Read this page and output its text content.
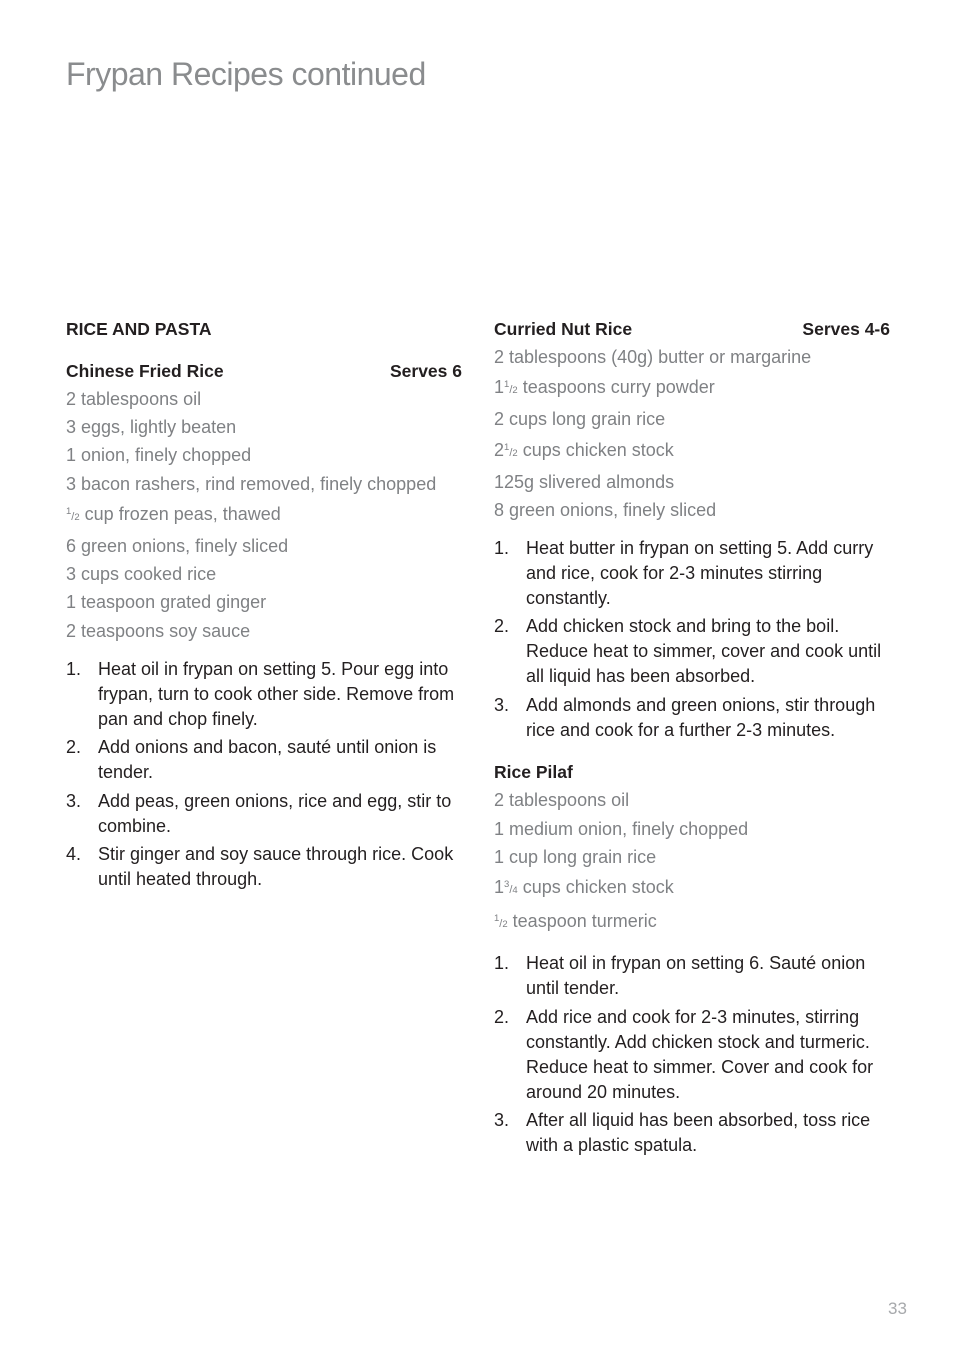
Frypan Recipes continued
RICE AND PASTA
Chinese Fried Rice	Serves 6
2 tablespoons oil
3 eggs, lightly beaten
1 onion, finely chopped
3 bacon rashers, rind removed, finely chopped
1/2 cup frozen peas, thawed
6 green onions, finely sliced
3 cups cooked rice
1 teaspoon grated ginger
2 teaspoons soy sauce
1. Heat oil in frypan on setting 5. Pour egg into frypan, turn to cook other side. Remove from pan and chop finely.
2. Add onions and bacon, sauté until onion is tender.
3. Add peas, green onions, rice and egg, stir to combine.
4. Stir ginger and soy sauce through rice. Cook until heated through.
Curried Nut Rice	Serves 4-6
2 tablespoons (40g) butter or margarine
11/2 teaspoons curry powder
2 cups long grain rice
21/2 cups chicken stock
125g slivered almonds
8 green onions, finely sliced
1. Heat butter in frypan on setting 5. Add curry and rice, cook for 2-3 minutes stirring constantly.
2. Add chicken stock and bring to the boil. Reduce heat to simmer, cover and cook until all liquid has been absorbed.
3. Add almonds and green onions, stir through rice and cook for a further 2-3 minutes.
Rice Pilaf
2 tablespoons oil
1 medium onion, finely chopped
1 cup long grain rice
13/4 cups chicken stock
1/2 teaspoon turmeric
1. Heat oil in frypan on setting 6. Sauté onion until tender.
2. Add rice and cook for 2-3 minutes, stirring constantly. Add chicken stock and turmeric. Reduce heat to simmer. Cover and cook for around 20 minutes.
3. After all liquid has been absorbed, toss rice with a plastic spatula.
33
